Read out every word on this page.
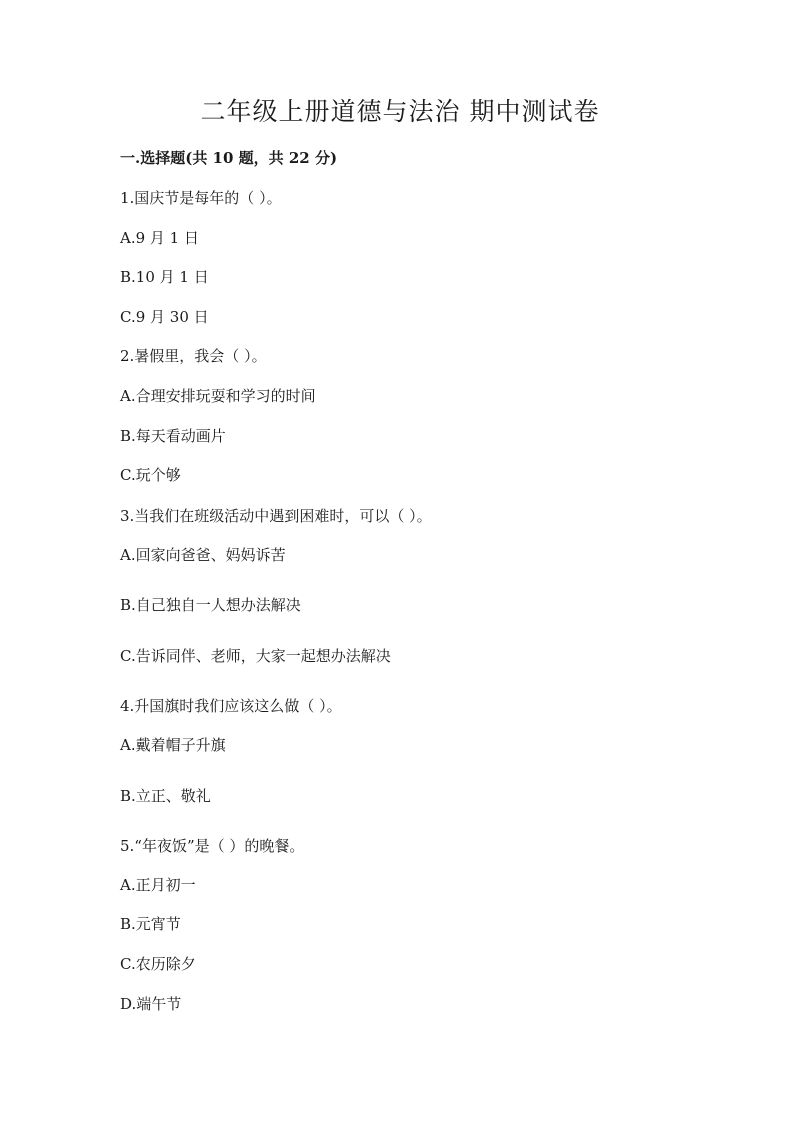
二年级上册道德与法治 期中测试卷
一.选择题(共 10 题，共 22 分)
1.国庆节是每年的（ ）。
A.9 月 1 日
B.10 月 1 日
C.9 月 30 日
2.暑假里，我会（ ）。
A.合理安排玩耍和学习的时间
B.每天看动画片
C.玩个够
3.当我们在班级活动中遇到困难时，可以（ ）。
A.回家向爸爸、妈妈诉苦
B.自己独自一人想办法解决
C.告诉同伴、老师，大家一起想办法解决
4.升国旗时我们应该这么做（ ）。
A.戴着帽子升旗
B.立正、敬礼
5.“年夜饭”是（ ）的晚餐。
A.正月初一
B.元宵节
C.农历除夕
D.端午节
